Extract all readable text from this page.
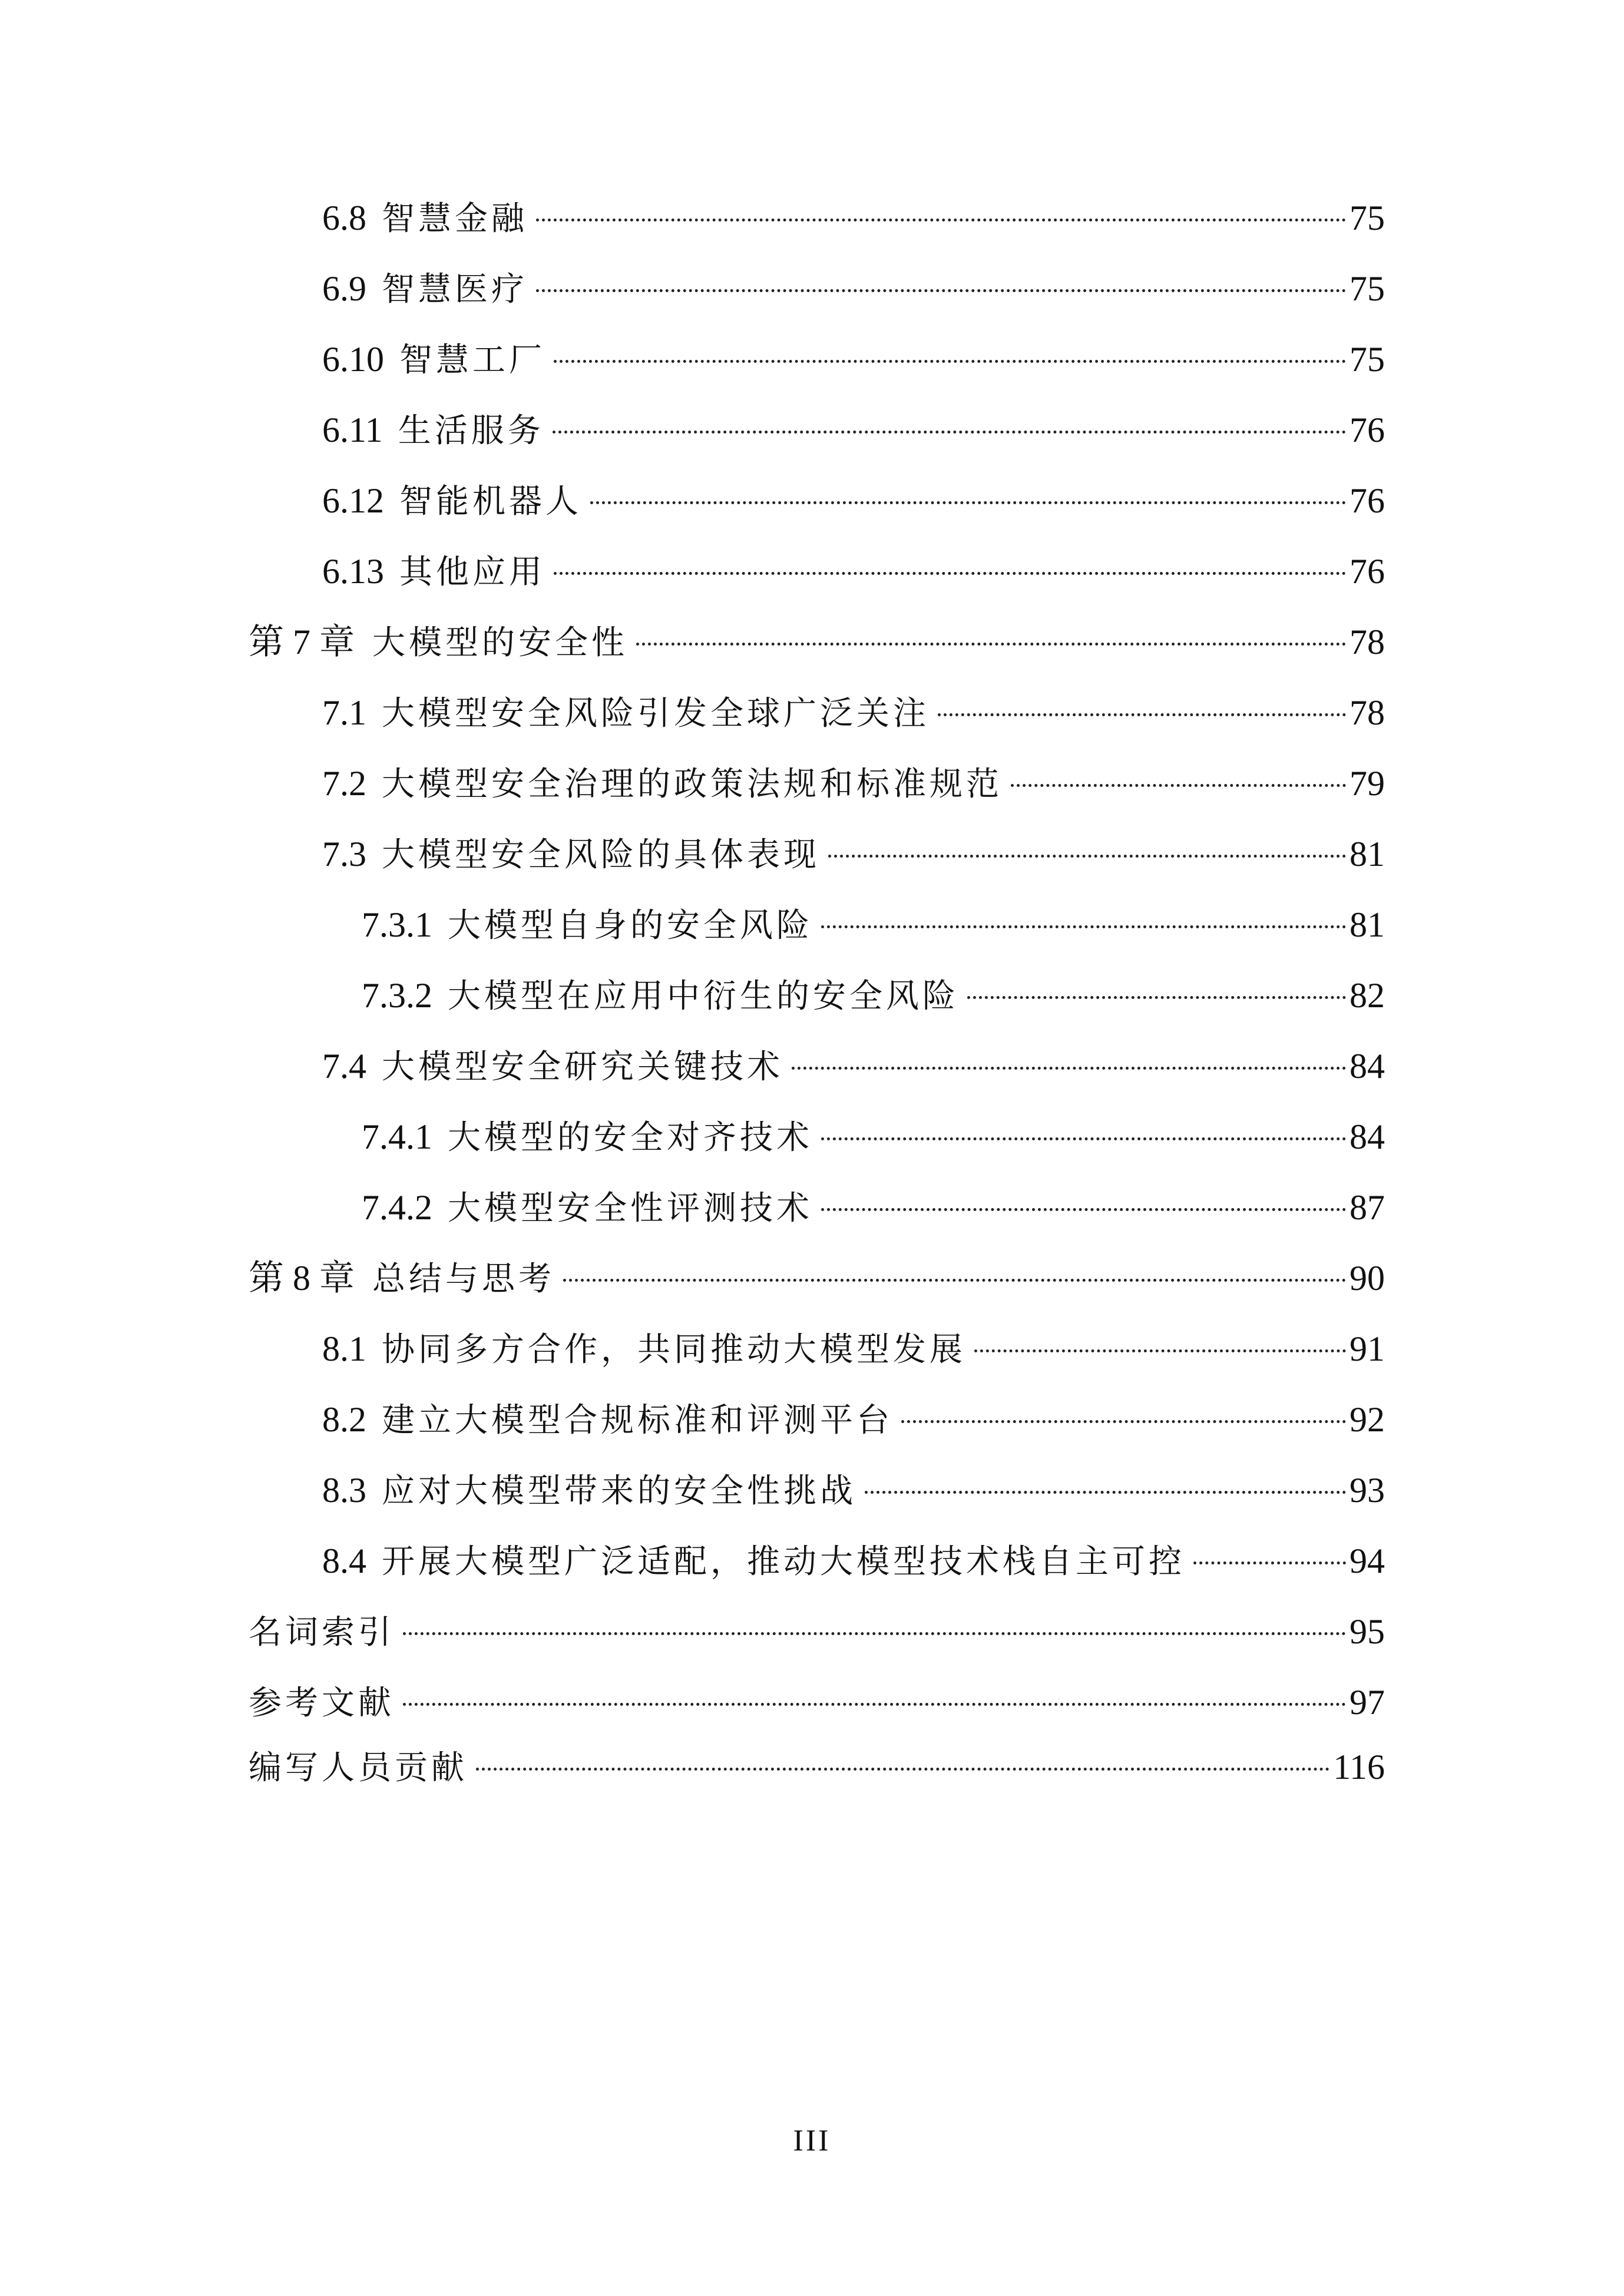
6.8 智慧金融	75
6.9 智慧医疗	75
6.10 智慧工厂	75
6.11 生活服务	76
6.12 智能机器人	76
6.13 其他应用	76
第 7 章 大模型的安全性	78
7.1 大模型安全风险引发全球广泛关注	78
7.2 大模型安全治理的政策法规和标准规范	79
7.3 大模型安全风险的具体表现	81
7.3.1 大模型自身的安全风险	81
7.3.2 大模型在应用中衍生的安全风险	82
7.4 大模型安全研究关键技术	84
7.4.1 大模型的安全对齐技术	84
7.4.2 大模型安全性评测技术	87
第 8 章 总结与思考	90
8.1 协同多方合作，共同推动大模型发展	91
8.2 建立大模型合规标准和评测平台	92
8.3 应对大模型带来的安全性挑战	93
8.4 开展大模型广泛适配，推动大模型技术栈自主可控	94
名词索引	95
参考文献	97
编写人员贡献	116
III
